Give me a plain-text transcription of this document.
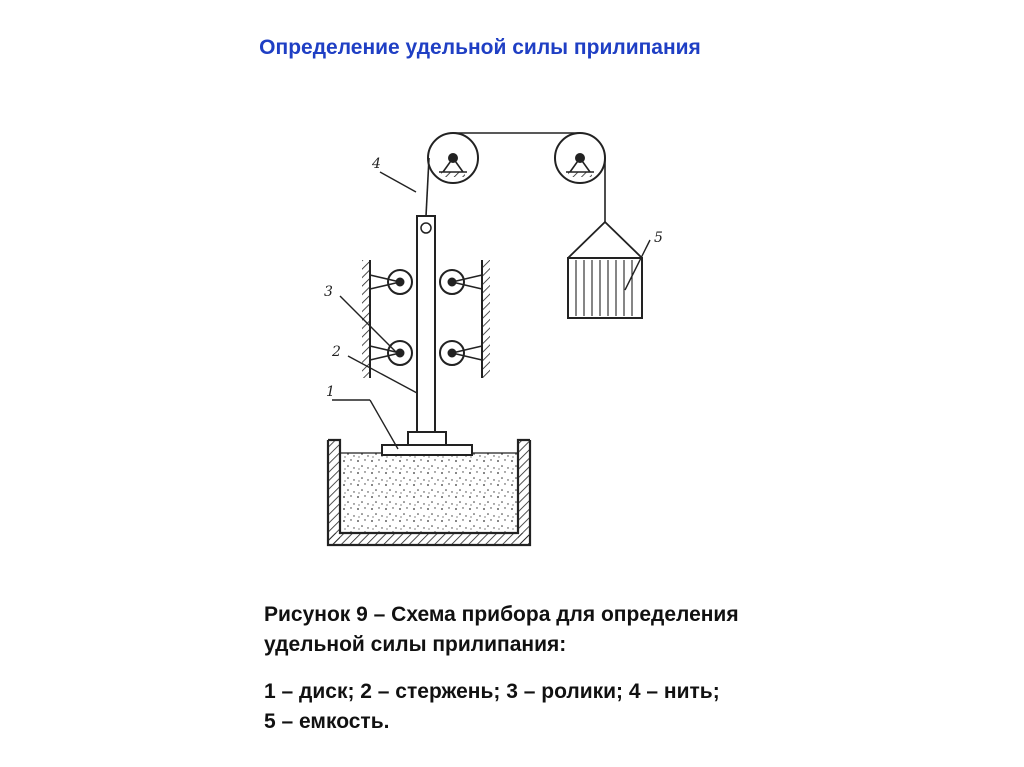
Определение удельной силы прилипания
1
2
3
4
5

Рисунок 9 – Схема прибора для определения

удельной силы прилипания:

1 – диск; 2 – стержень; 3 – ролики; 4 – нить;

5 – емкость.
